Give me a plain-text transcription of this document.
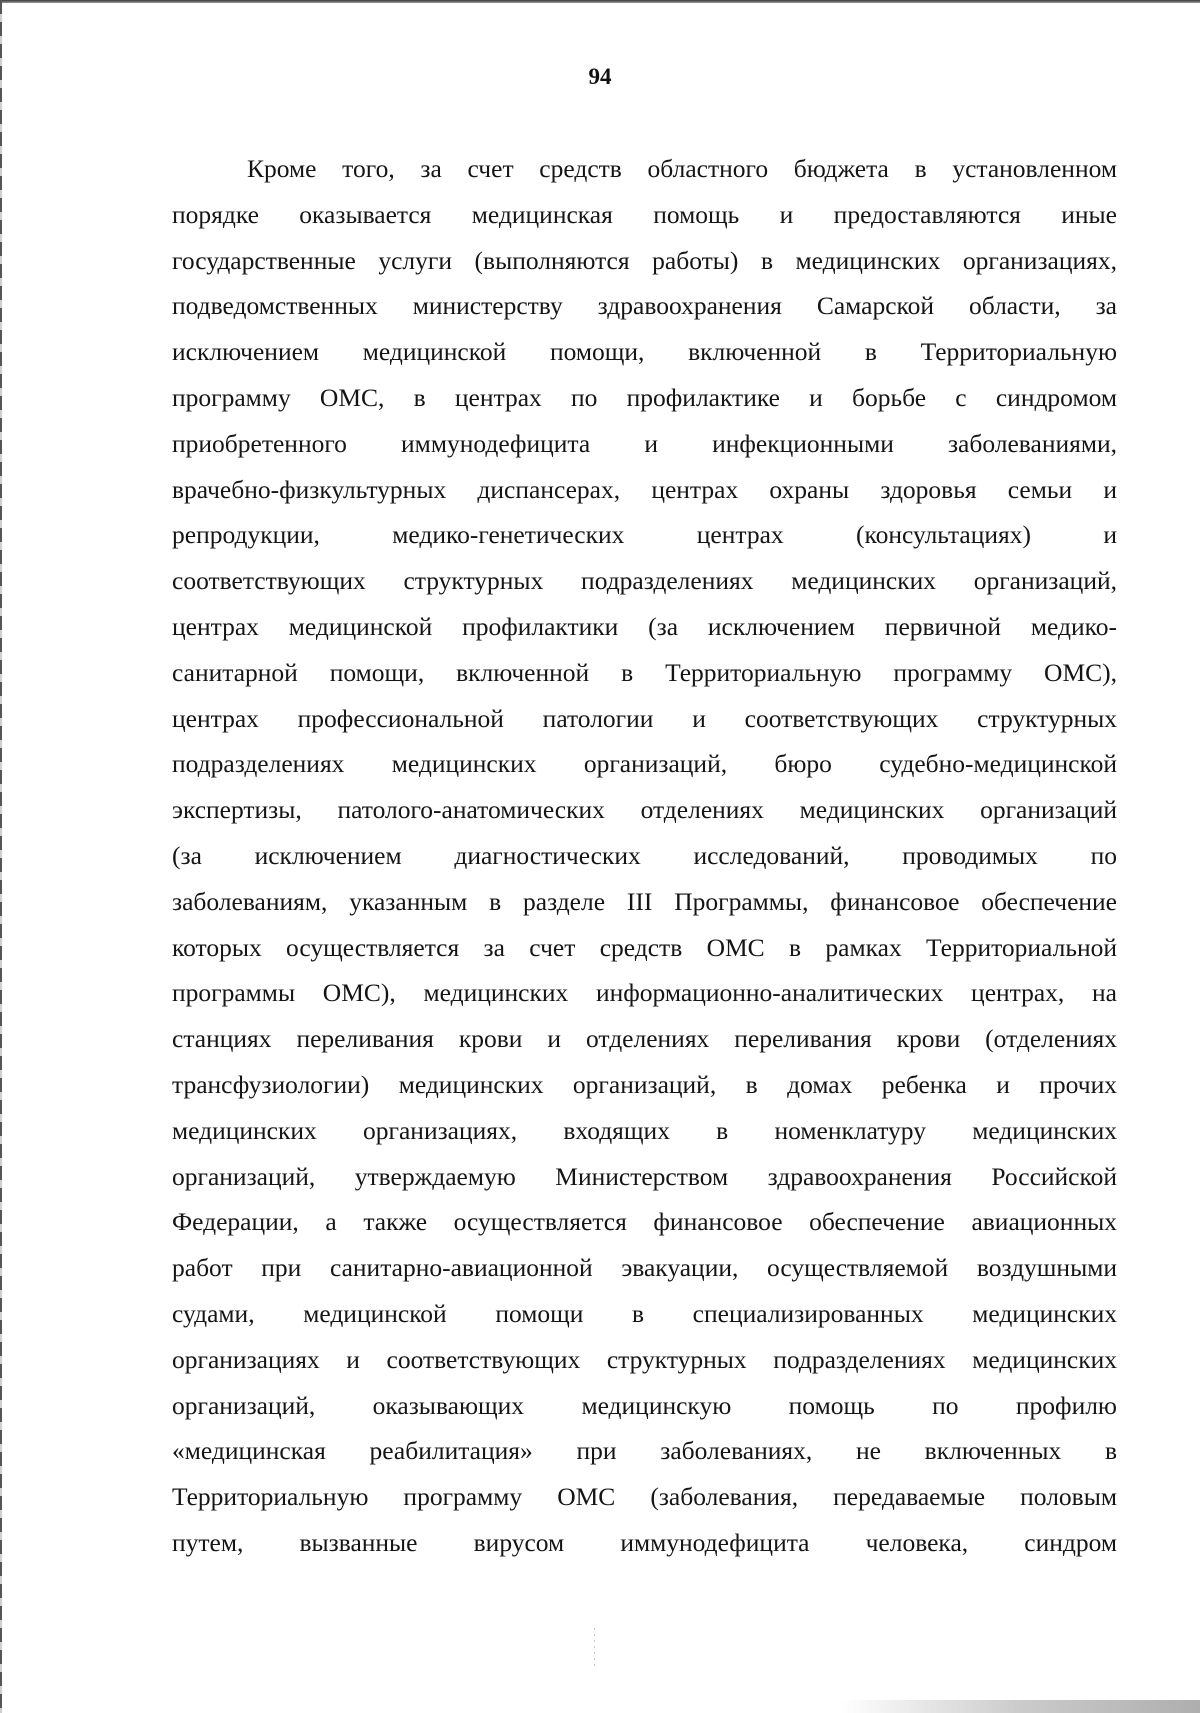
94
Кроме того, за счет средств областного бюджета в установленном
порядке оказывается медицинская помощь и предоставляются иные
государственные услуги (выполняются работы) в медицинских организациях,
подведомственных министерству здравоохранения Самарской области, за
исключением медицинской помощи, включенной в Территориальную
программу ОМС, в центрах по профилактике и борьбе с синдромом
приобретенного иммунодефицита и инфекционными заболеваниями,
врачебно-физкультурных диспансерах, центрах охраны здоровья семьи и
репродукции, медико-генетических центрах (консультациях) и
соответствующих структурных подразделениях медицинских организаций,
центрах медицинской профилактики (за исключением первичной медико-
санитарной помощи, включенной в Территориальную программу ОМС),
центрах профессиональной патологии и соответствующих структурных
подразделениях медицинских организаций, бюро судебно-медицинской
экспертизы, патолого-анатомических отделениях медицинских организаций
(за исключением диагностических исследований, проводимых по
заболеваниям, указанным в разделе III Программы, финансовое обеспечение
которых осуществляется за счет средств ОМС в рамках Территориальной
программы ОМС), медицинских информационно-аналитических центрах, на
станциях переливания крови и отделениях переливания крови (отделениях
трансфузиологии) медицинских организаций, в домах ребенка и прочих
медицинских организациях, входящих в номенклатуру медицинских
организаций, утверждаемую Министерством здравоохранения Российской
Федерации, а также осуществляется финансовое обеспечение авиационных
работ при санитарно-авиационной эвакуации, осуществляемой воздушными
судами, медицинской помощи в специализированных медицинских
организациях и соответствующих структурных подразделениях медицинских
организаций, оказывающих медицинскую помощь по профилю
«медицинская реабилитация» при заболеваниях, не включенных в
Территориальную программу ОМС (заболевания, передаваемые половым
путем, вызванные вирусом иммунодефицита человека, синдром
